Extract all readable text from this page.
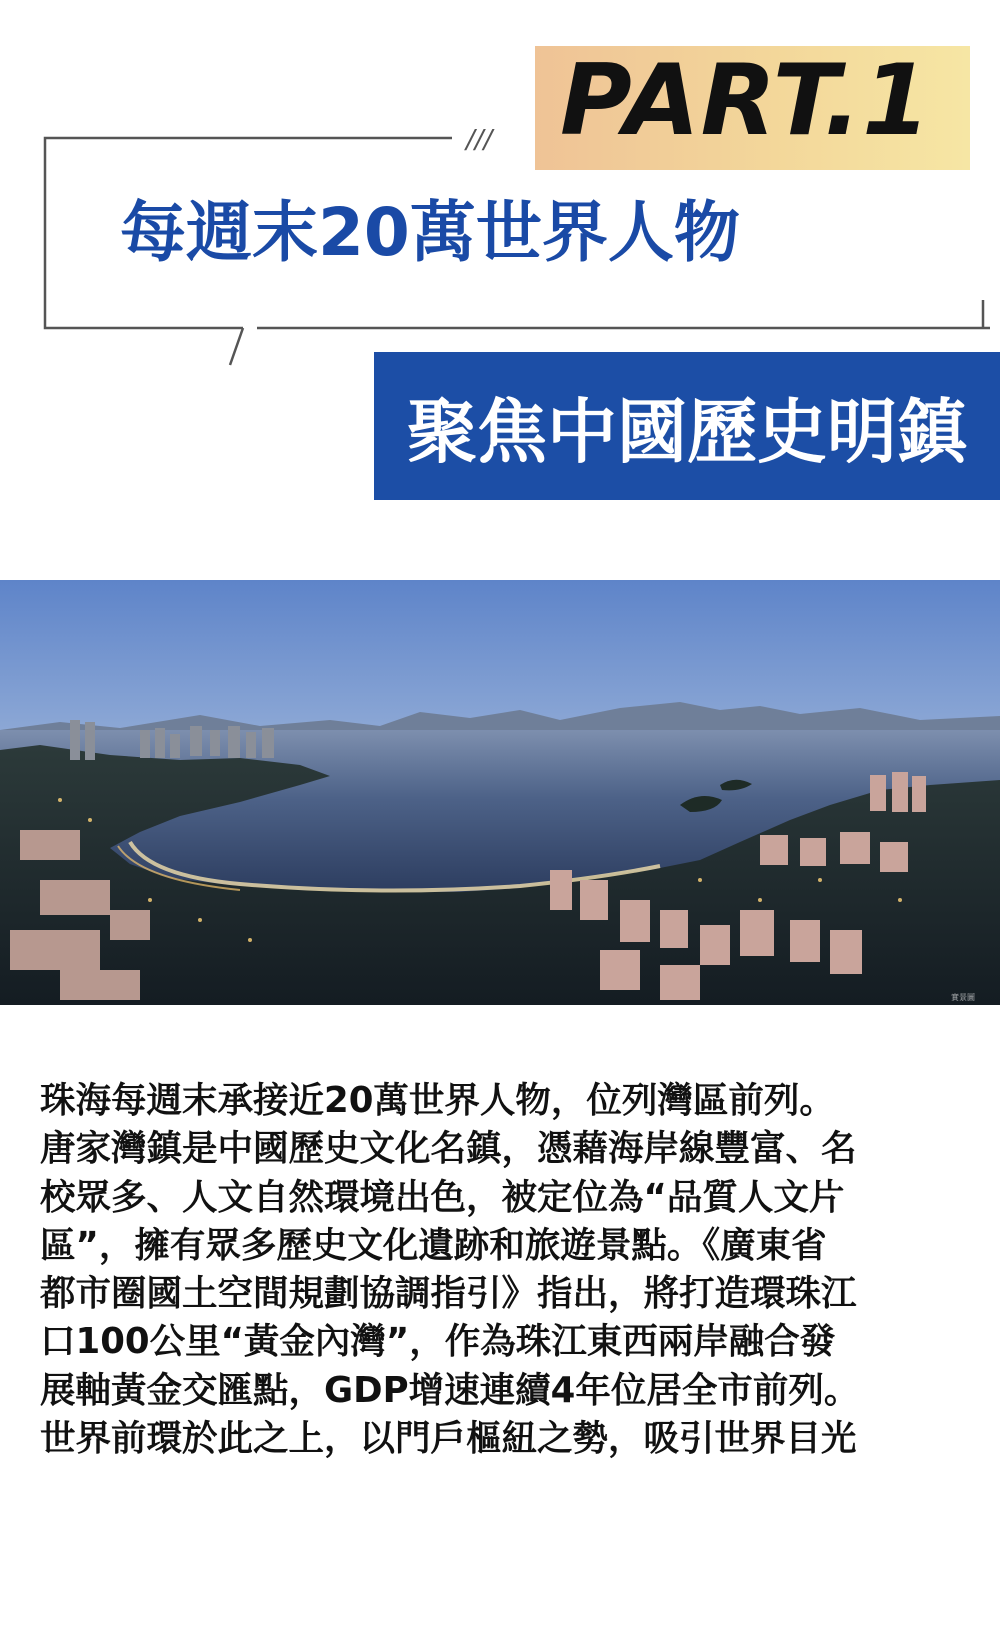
PART.1
///
每週末20萬世界人物
聚焦中國歷史明鎮
實景圖
珠海每週末承接近20萬世界人物，位列灣區前列。
唐家灣鎮是中國歷史文化名鎮，憑藉海岸線豐富、名
校眾多、人文自然環境出色，被定位為“品質人文片
區”，擁有眾多歷史文化遺跡和旅遊景點。《廣東省
都市圈國土空間規劃協調指引》指出，將打造環珠江
口100公里“黃金內灣”，作為珠江東西兩岸融合發
展軸黃金交匯點，GDP增速連續4年位居全市前列。
世界前環於此之上，以門戶樞紐之勢，吸引世界目光
